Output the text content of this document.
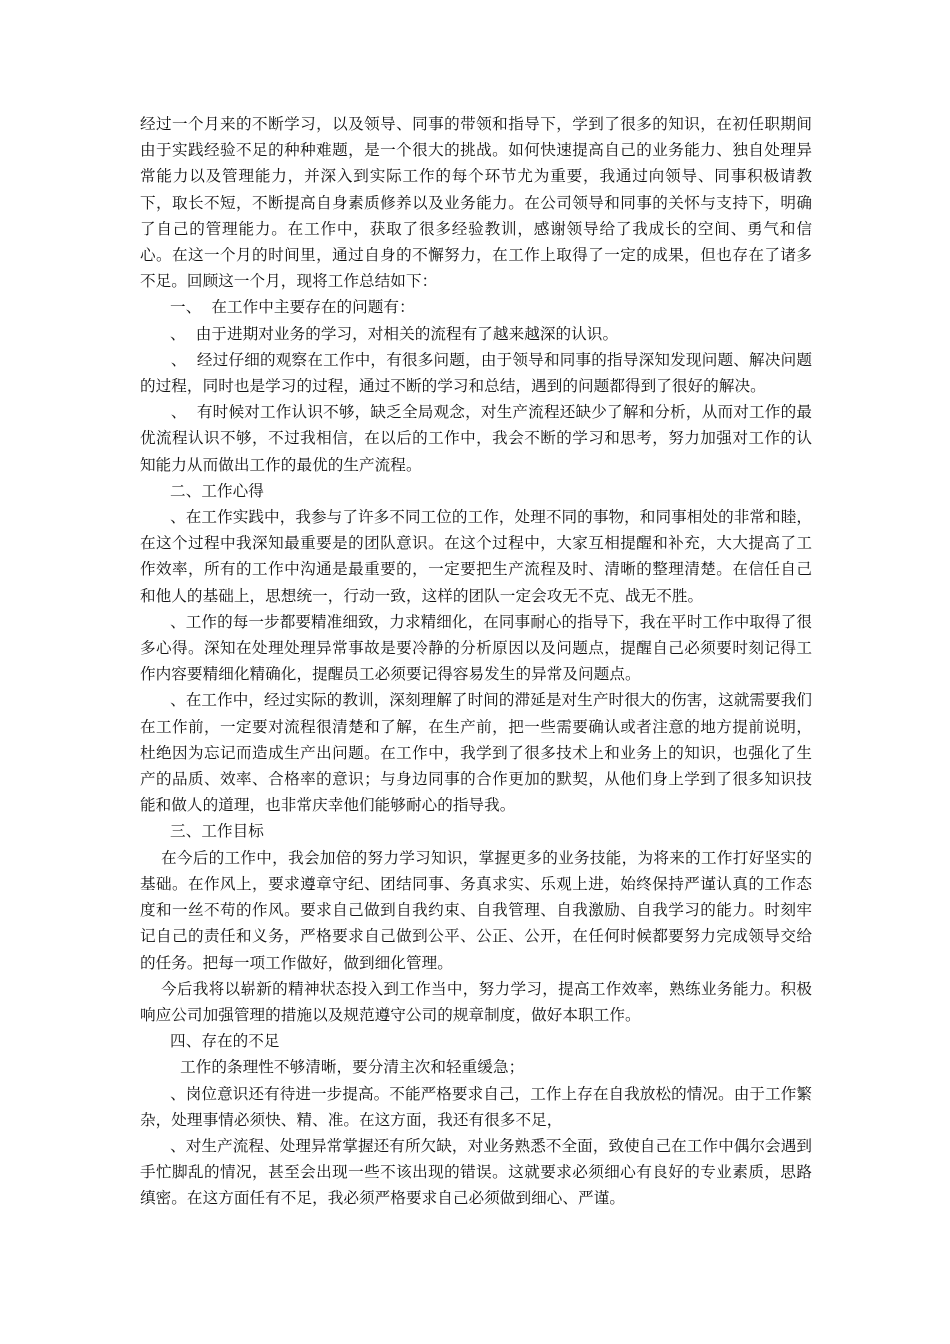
经过一个月来的不断学习，以及领导、同事的带领和指导下，学到了很多的知识，在初任职期间由于实践经验不足的种种难题，是一个很大的挑战。如何快速提高自己的业务能力、独自处理异常能力以及管理能力，并深入到实际工作的每个环节尤为重要，我通过向领导、同事积极请教下，取长不短，不断提高自身素质修养以及业务能力。在公司领导和同事的关怀与支持下，明确了自己的管理能力。在工作中，获取了很多经验教训，感谢领导给了我成长的空间、勇气和信心。在这一个月的时间里，通过自身的不懈努力，在工作上取得了一定的成果，但也存在了诸多不足。回顾这一个月，现将工作总结如下：

一、  在工作中主要存在的问题有：

、  由于进期对业务的学习，对相关的流程有了越来越深的认识。

、  经过仔细的观察在工作中，有很多问题，由于领导和同事的指导深知发现问题、解决问题的过程，同时也是学习的过程，通过不断的学习和总结，遇到的问题都得到了很好的解决。

、  有时候对工作认识不够，缺乏全局观念，对生产流程还缺少了解和分析，从而对工作的最优流程认识不够，不过我相信，在以后的工作中，我会不断的学习和思考，努力加强对工作的认知能力从而做出工作的最优的生产流程。

二、工作心得

、在工作实践中，我参与了许多不同工位的工作，处理不同的事物，和同事相处的非常和睦，在这个过程中我深知最重要是的团队意识。在这个过程中，大家互相提醒和补充，大大提高了工作效率，所有的工作中沟通是最重要的，一定要把生产流程及时、清晰的整理清楚。在信任自己和他人的基础上，思想统一，行动一致，这样的团队一定会攻无不克、战无不胜。

、工作的每一步都要精准细致，力求精细化，在同事耐心的指导下，我在平时工作中取得了很多心得。深知在处理处理异常事故是要冷静的分析原因以及问题点，提醒自己必须要时刻记得工作内容要精细化精确化，提醒员工必须要记得容易发生的异常及问题点。

、在工作中，经过实际的教训，深刻理解了时间的滞延是对生产时很大的伤害，这就需要我们在工作前，一定要对流程很清楚和了解，在生产前，把一些需要确认或者注意的地方提前说明，杜绝因为忘记而造成生产出问题。在工作中，我学到了很多技术上和业务上的知识，也强化了生产的品质、效率、合格率的意识；与身边同事的合作更加的默契，从他们身上学到了很多知识技能和做人的道理，也非常庆幸他们能够耐心的指导我。

三、工作目标

在今后的工作中，我会加倍的努力学习知识，掌握更多的业务技能，为将来的工作打好坚实的基础。在作风上，要求遵章守纪、团结同事、务真求实、乐观上进，始终保持严谨认真的工作态度和一丝不苟的作风。要求自己做到自我约束、自我管理、自我激励、自我学习的能力。时刻牢记自己的责任和义务，严格要求自己做到公平、公正、公开，在任何时候都要努力完成领导交给的任务。把每一项工作做好，做到细化管理。

今后我将以崭新的精神状态投入到工作当中，努力学习，提高工作效率，熟练业务能力。积极响应公司加强管理的措施以及规范遵守公司的规章制度，做好本职工作。

四、存在的不足

工作的条理性不够清晰，要分清主次和轻重缓急；

、岗位意识还有待进一步提高。不能严格要求自己，工作上存在自我放松的情况。由于工作繁杂，处理事情必须快、精、准。在这方面，我还有很多不足，

、对生产流程、处理异常掌握还有所欠缺，对业务熟悉不全面，致使自己在工作中偶尔会遇到手忙脚乱的情况，甚至会出现一些不该出现的错误。这就要求必须细心有良好的专业素质，思路缜密。在这方面任有不足，我必须严格要求自己必须做到细心、严谨。
